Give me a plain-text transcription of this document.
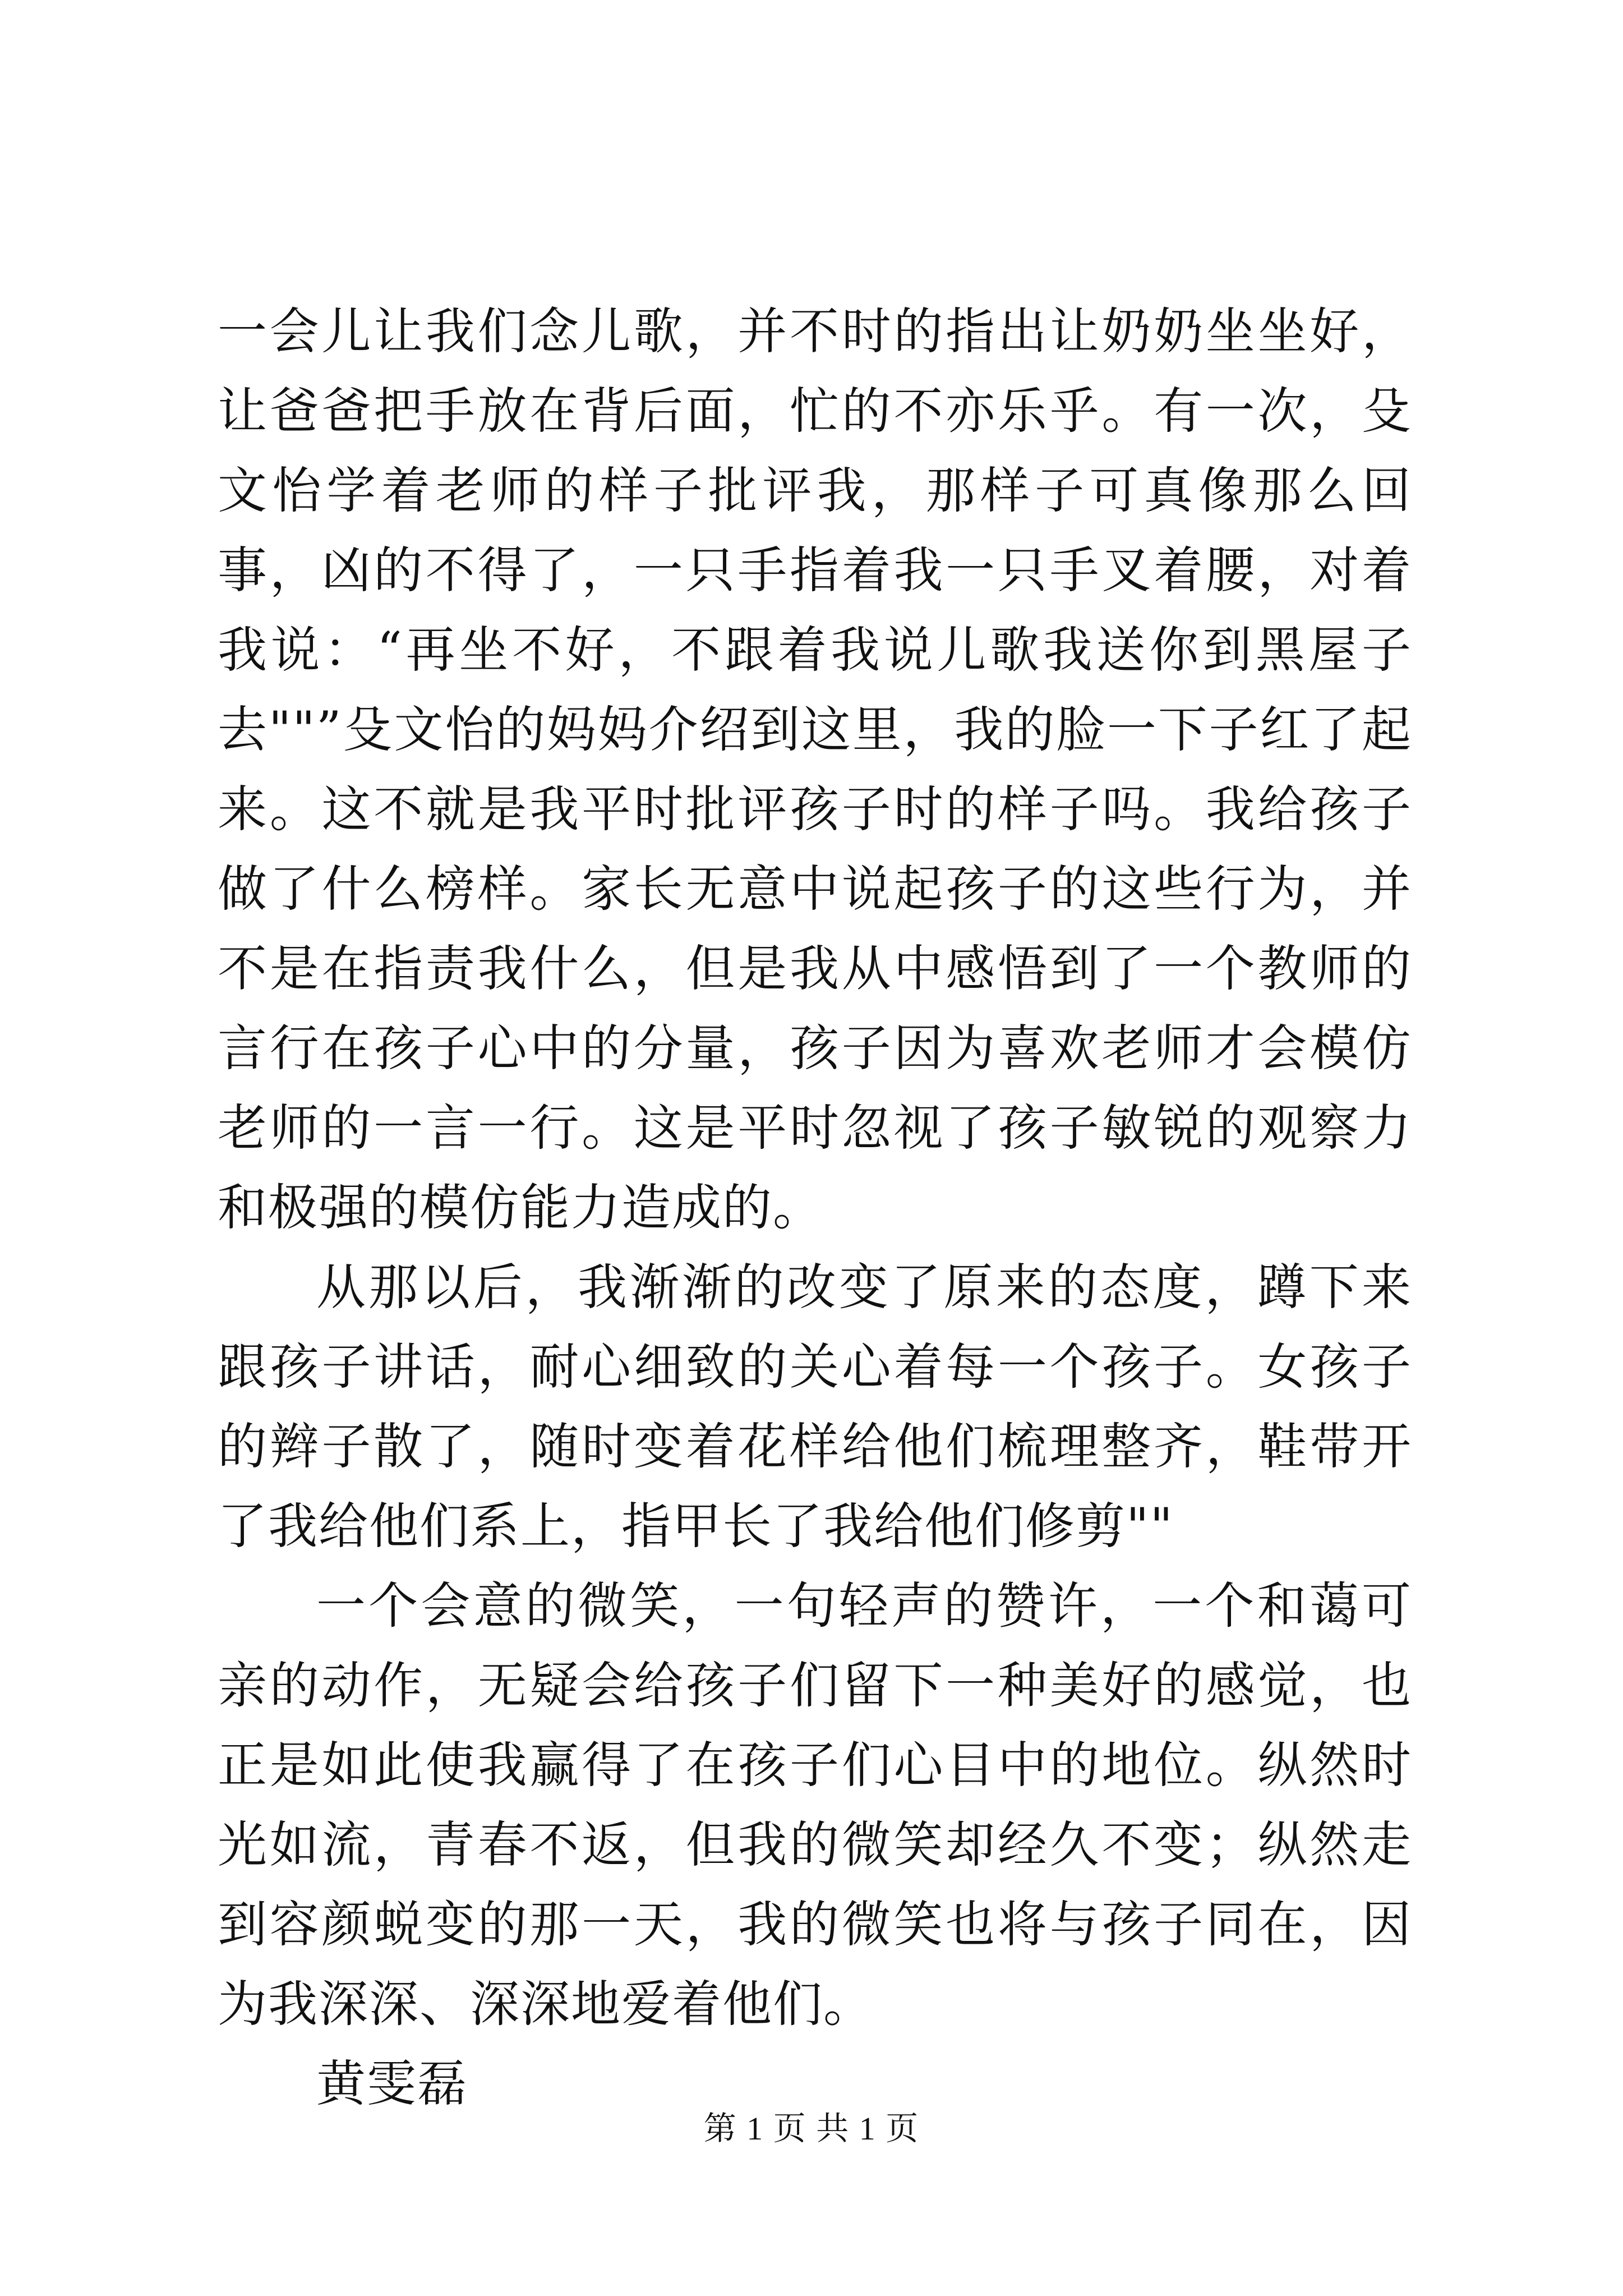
一会儿让我们念儿歌，并不时的指出让奶奶坐坐好，让爸爸把手放在背后面，忙的不亦乐乎。有一次，殳文怡学着老师的样子批评我，那样子可真像那么回事，凶的不得了，一只手指着我一只手叉着腰，对着我说：“再坐不好，不跟着我说儿歌我送你到黑屋子去""”殳文怡的妈妈介绍到这里，我的脸一下子红了起来。这不就是我平时批评孩子时的样子吗。我给孩子做了什么榜样。家长无意中说起孩子的这些行为，并不是在指责我什么，但是我从中感悟到了一个教师的言行在孩子心中的分量，孩子因为喜欢老师才会模仿老师的一言一行。这是平时忽视了孩子敏锐的观察力和极强的模仿能力造成的。

从那以后，我渐渐的改变了原来的态度，蹲下来跟孩子讲话，耐心细致的关心着每一个孩子。女孩子的辫子散了，随时变着花样给他们梳理整齐，鞋带开了我给他们系上，指甲长了我给他们修剪""

一个会意的微笑，一句轻声的赞许，一个和蔼可亲的动作，无疑会给孩子们留下一种美好的感觉，也正是如此使我赢得了在孩子们心目中的地位。纵然时光如流，青春不返，但我的微笑却经久不变；纵然走到容颜蜕变的那一天，我的微笑也将与孩子同在，因为我深深、深深地爱着他们。

黄雯磊

第 1 页 共 1 页
